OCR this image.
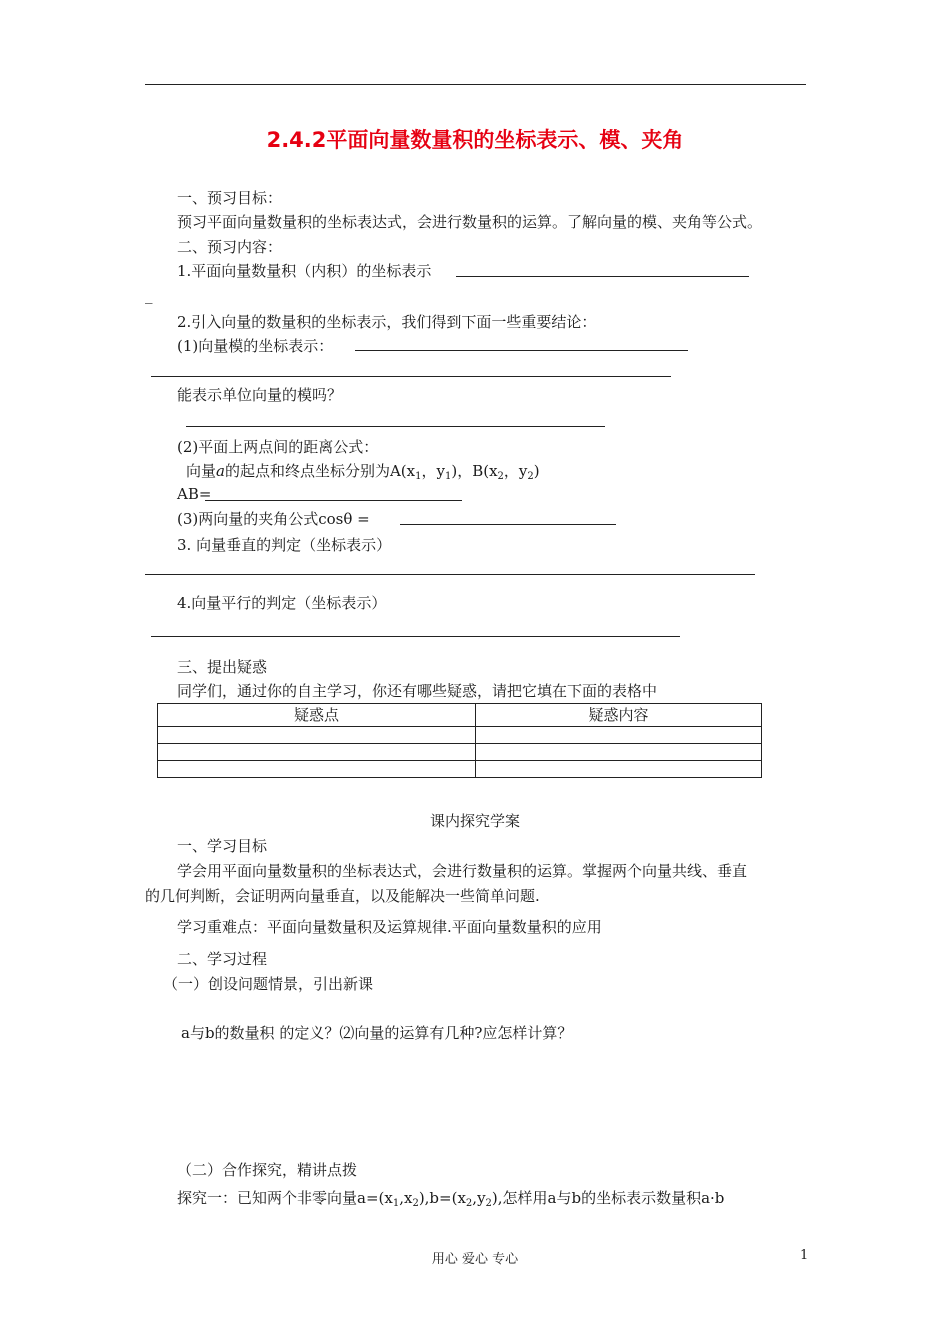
2.4.2平面向量数量积的坐标表示、模、夹角
一、预习目标：
预习平面向量数量积的坐标表达式，会进行数量积的运算。了解向量的模、夹角等公式。
二、预习内容：
1.平面向量数量积（内积）的坐标表示
_
2.引入向量的数量积的坐标表示，我们得到下面一些重要结论：
(1)向量模的坐标表示：
能表示单位向量的模吗？
(2)平面上两点间的距离公式：
向量a的起点和终点坐标分别为$A(x_1$，$y_1$)，$B(x_2$，$y_2$)
AB=
(3)两向量的夹角公式cosθ =
3. 向量垂直的判定（坐标表示）
4.向量平行的判定（坐标表示）
三、提出疑惑
同学们，通过你的自主学习，你还有哪些疑惑，请把它填在下面的表格中
疑惑点	疑惑内容

课内探究学案
一、学习目标
学会用平面向量数量积的坐标表达式，会进行数量积的运算。掌握两个向量共线、垂直
的几何判断，会证明两向量垂直，以及能解决一些简单问题.
学习重难点：平面向量数量积及运算规律.平面向量数量积的应用
二、学习过程
（一）创设问题情景，引出新课
a与b的数量积 的定义？⑵向量的运算有几种?应怎样计算？
（二）合作探究，精讲点拨
探究一：已知两个非零向量$a=(x_1,x_2),b=(x_2,y_2)$,怎样用a与b的坐标表示数量积a·b
用心 爱心 专心	1
